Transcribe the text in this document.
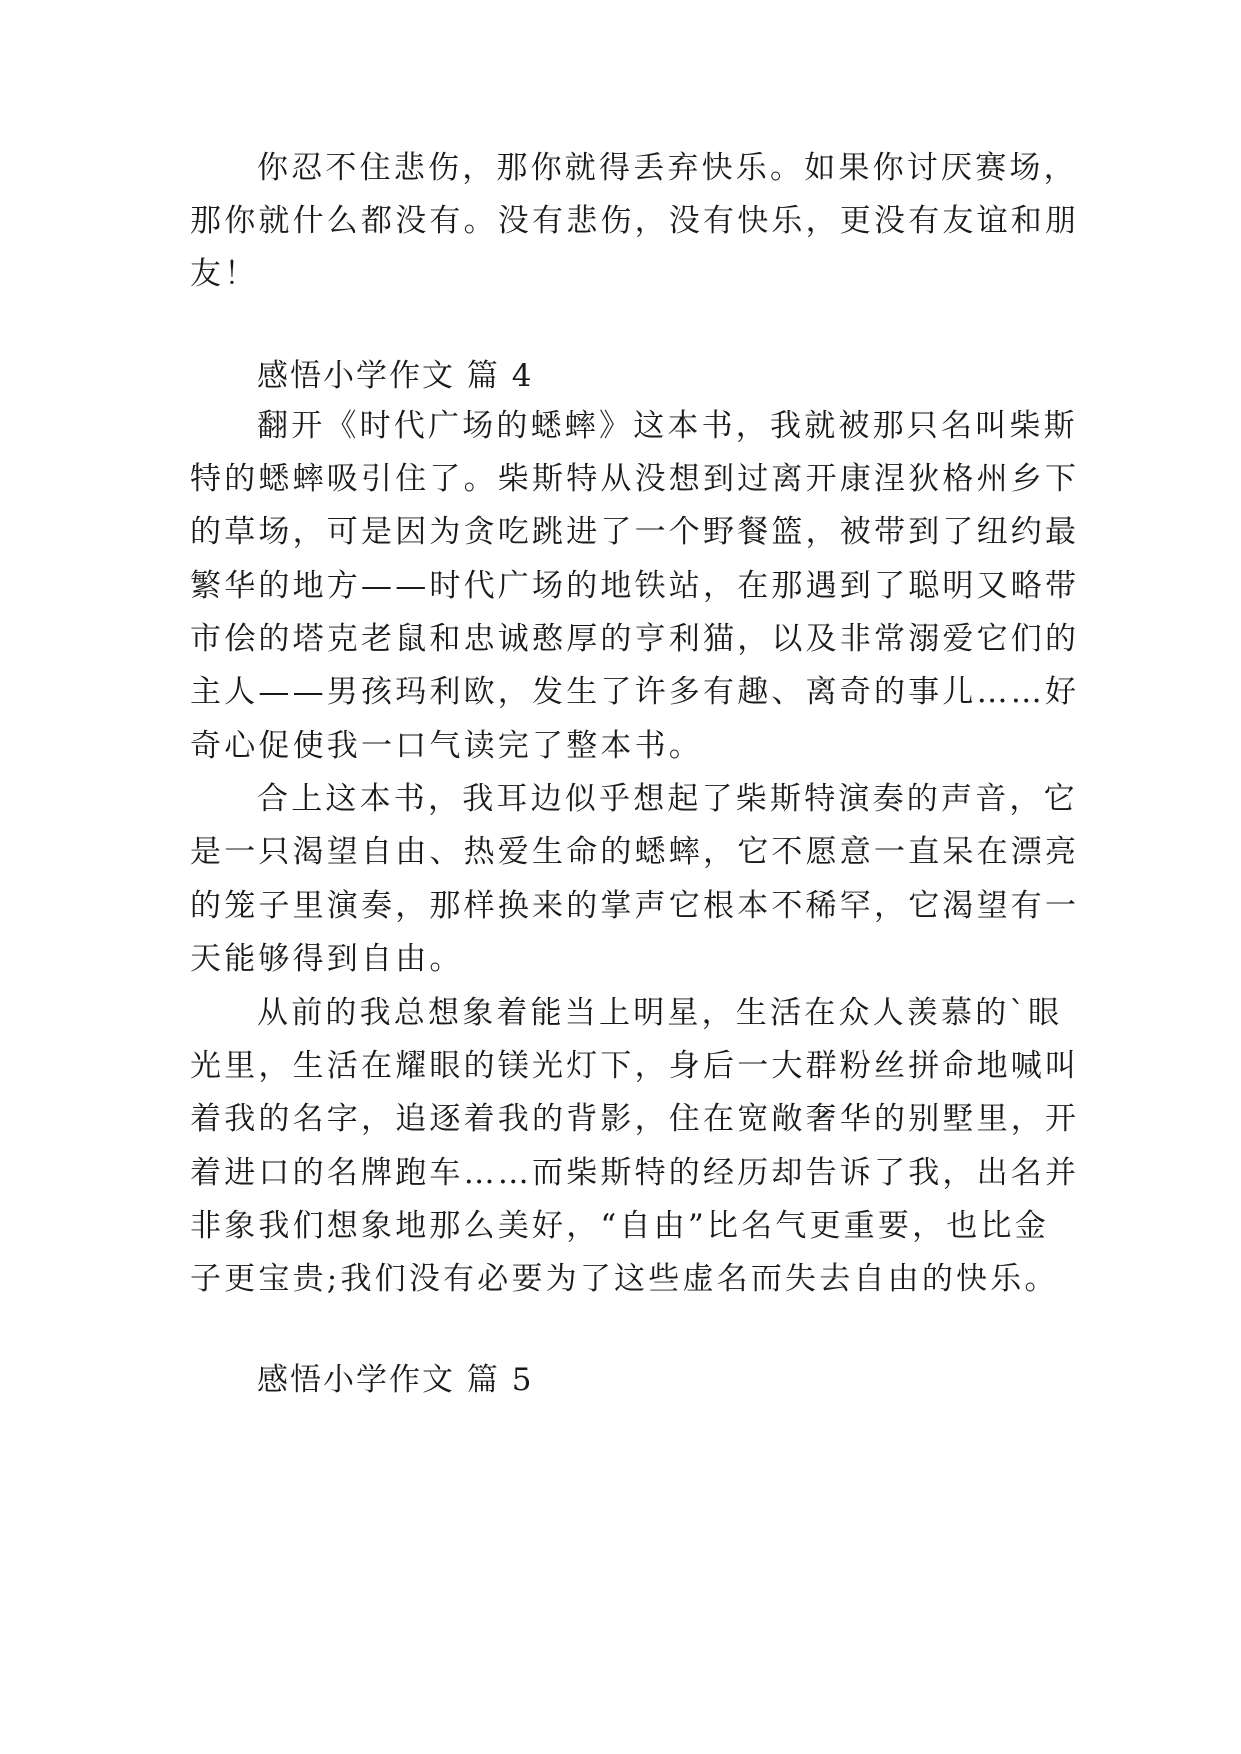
你忍不住悲伤，那你就得丢弃快乐。如果你讨厌赛场，
那你就什么都没有。没有悲伤，没有快乐，更没有友谊和朋
友！
感悟小学作文 篇 4
翻开《时代广场的蟋蟀》这本书，我就被那只名叫柴斯
特的蟋蟀吸引住了。柴斯特从没想到过离开康涅狄格州乡下
的草场，可是因为贪吃跳进了一个野餐篮，被带到了纽约最
繁华的地方——时代广场的地铁站，在那遇到了聪明又略带
市侩的塔克老鼠和忠诚憨厚的亨利猫，以及非常溺爱它们的
主人——男孩玛利欧，发生了许多有趣、离奇的事儿……好
奇心促使我一口气读完了整本书。
合上这本书，我耳边似乎想起了柴斯特演奏的声音，它
是一只渴望自由、热爱生命的蟋蟀，它不愿意一直呆在漂亮
的笼子里演奏，那样换来的掌声它根本不稀罕，它渴望有一
天能够得到自由。
从前的我总想象着能当上明星，生活在众人羡慕的`眼
光里，生活在耀眼的镁光灯下，身后一大群粉丝拼命地喊叫
着我的名字，追逐着我的背影，住在宽敞奢华的别墅里，开
着进口的名牌跑车……而柴斯特的经历却告诉了我，出名并
非象我们想象地那么美好，“自由”比名气更重要，也比金
子更宝贵;我们没有必要为了这些虚名而失去自由的快乐。
感悟小学作文 篇 5
